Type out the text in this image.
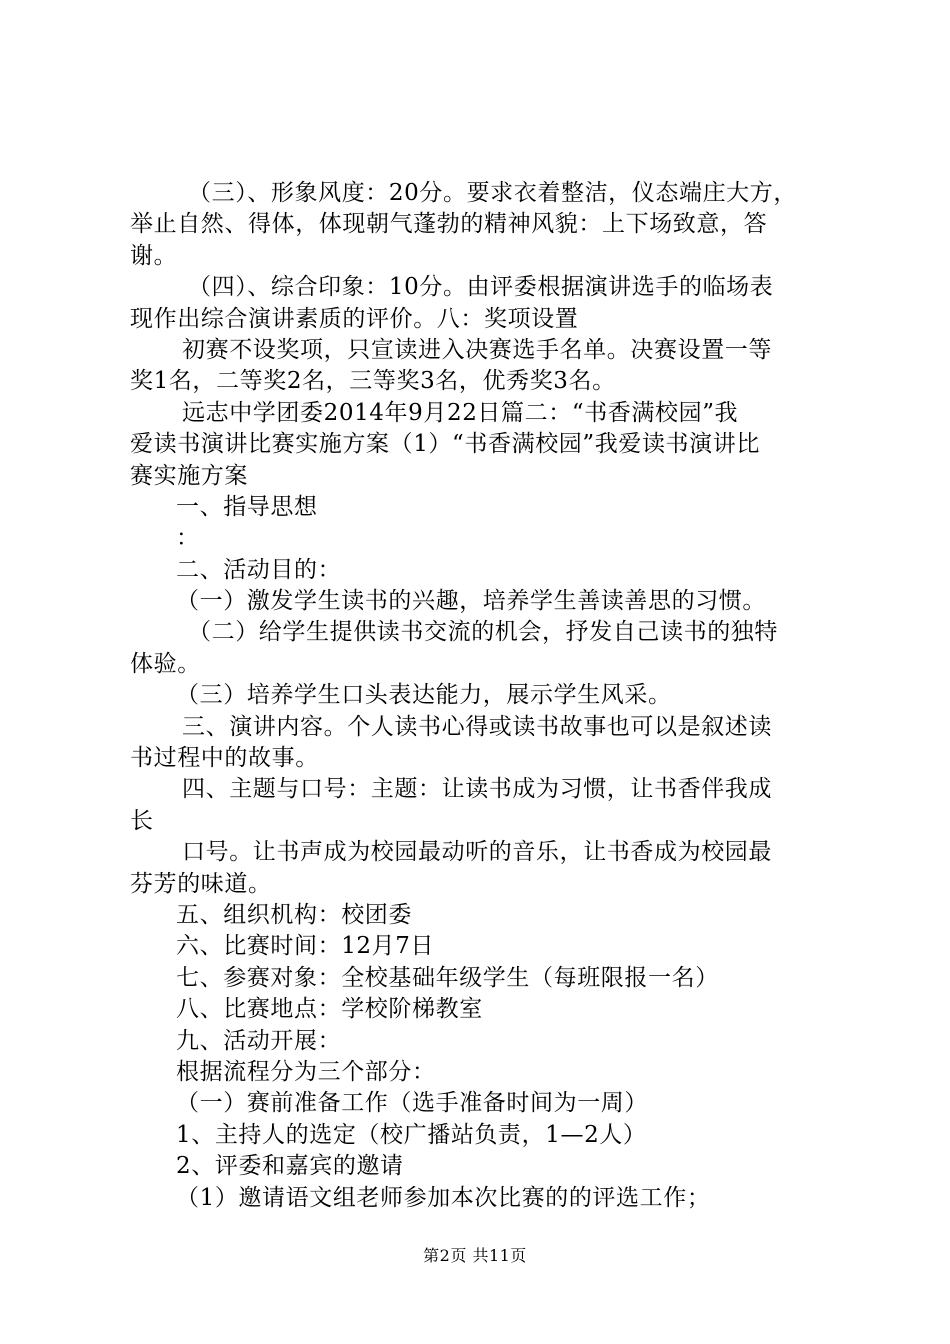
（三）、形象风度：20分。要求衣着整洁，仪态端庄大方，
举止自然、得体，体现朝气蓬勃的精神风貌：上下场致意，答
谢。
（四）、综合印象：10分。由评委根据演讲选手的临场表
现作出综合演讲素质的评价。八：奖项设置
初赛不设奖项，只宣读进入决赛选手名单。决赛设置一等
奖1名，二等奖2名，三等奖3名，优秀奖3名。
远志中学团委2014年9月22日篇二：“书香满校园”我
爱读书演讲比赛实施方案（1）“书香满校园”我爱读书演讲比
赛实施方案
一、指导思想
：
二、活动目的：
（一）激发学生读书的兴趣，培养学生善读善思的习惯。
（二）给学生提供读书交流的机会，抒发自己读书的独特
体验。
（三）培养学生口头表达能力，展示学生风采。
三、演讲内容。个人读书心得或读书故事也可以是叙述读
书过程中的故事。
四、主题与口号：主题：让读书成为习惯，让书香伴我成
长
口号。让书声成为校园最动听的音乐，让书香成为校园最
芬芳的味道。
五、组织机构：校团委
六、比赛时间：12月7日
七、参赛对象：全校基础年级学生（每班限报一名）
八、比赛地点：学校阶梯教室
九、活动开展：
根据流程分为三个部分：
（一）赛前准备工作（选手准备时间为一周）
1、主持人的选定（校广播站负责，1—2人）
2、评委和嘉宾的邀请
（1）邀请语文组老师参加本次比赛的的评选工作；
第2页 共11页
